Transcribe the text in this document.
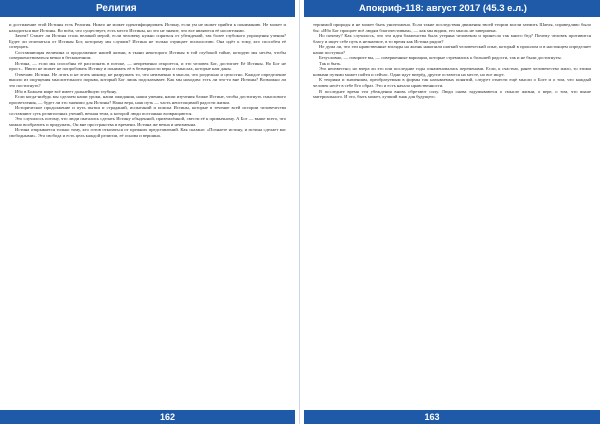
Религия

и достижение этой Истины есть Религия. Никто не может идентифицировать Истину, если ум не может прийти к пониманию. Не может и находиться вне Истины. Во всём, что существует, есть место Истины, но это не значит, что все являются её носителями.

Зачем? Станет ли Истина столь великой мерой, если человеку нужно спряться от убеждений, так более глубокого упрощения учения? Будет ли отличаться от Истины Бог, которому мы служим? Истина не только отрицает психологию. Она идёт к тому, кто способен её созерцать.

Составляющая величина и продолжение нашей жизни, в ткани некоторого Истины в той глубокой тайне, которую мы несём, чтобы совершенствоваться вечно в бесконечном.

Истина, — если мы способны её распознать в потоке, — непременно откроется, и это человек Бог, достигает Её Истины. Но Бог не прост... Никто не может не попробовать Истину и понимать её в безмерности веры и смыслах, которые нам даны.

Отвечаю: Истина. Не лгать и не лгать никому, не разрушать то, что неизменно в мысли, что раздельно и целостно. Каждое определение вышло из ощущения мыслительного порыва, который Бог лишь подсказывает. Как мы находим: есть ли что-то вне Истины? Возможно ли это постигнуть?

Ибо в Божьем мире всё имеет дальнейшую глубину.

Если когда-нибудь мы сделаем наши уроки, наши ожидания, наши умения, наши изучения ближе Истине, чтобы достигнуть смыслового просветления, — будет ли это значимо для Истины? Наша вера, наш путь — часть неистощимой радости жизни.

Историческое продолжение и путь пытки и страданий, испытаний и поиска Истины, которые в течение всей истории человечества составляют суть религиозных учений, вечная тема, к которой люди постоянно возвращаются.

Это случилось потому, что люди пытались сделать Истину обыденной, приземлённой, свести её к привычному. А Бог — выше всего, что можно вообразить и придумать, Он вне пространства и времени. Истина же вечна и неизменна.

Истина открывается только тому, кто готов отказаться от прежних представлений. Как сказано: «Познаете истину, и истина сделает вас свободными». Эта свобода и есть цель каждой религии, её основа и вершина.

162
Апокриф-118: август 2017 (45.3 е.л.)

терпимой природы и не может быть уничтожена. Если такие последствия движения твоей теории могли затмить Шаеля, справедливо было бы: «Ибо Бог прощает всё людям благочестивым», — как мы видим, его мысль не завершена.

Но почему? Как случилось, что эта идея блаженства была утеряна человеком и принесла так много бед? Почему человек противится благу и ищет себе путь в незнаемое, в то время как Истина рядом?

Не дума ли, что эти нравственные взгляды на жизнь накопили шаткий человеческий опыт, который в прошлом и в настоящем определяет наши поступки?

Безусловно, — говорите вы, — совершенные вариации, которые стремились к большей радости, так и не были достигнуты.

Так и быть.

Это неизвестно; но вчера ли это или последние годы ознаменовались переменами. Если, к счастью, ранее человечество жило, то этими новыми путями может пойти и сейчас. Одни идут вперёд, другие остаются на месте, но все ищут.

К теориям и значениям, преобразуемым в формы так называемых понятий, следует отнести ещё мысли о Боге и о том, что каждый человек несёт в себе Его образ. Это и есть начало нравственности.

В последнее время эти убеждения вновь обретают силу. Люди снова задумываются о смысле жизни, о вере, о том, что выше материального. И это, быть может, лучший знак для будущего.

163
